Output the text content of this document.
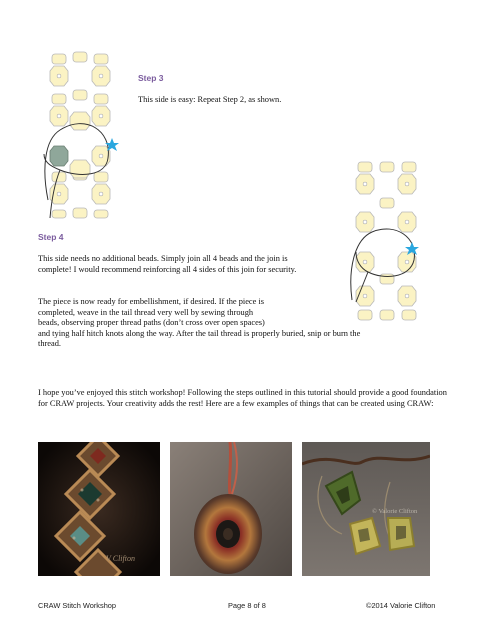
Step 3
This side is easy: Repeat Step 2, as shown.
Step 4
This side needs no additional beads. Simply join all 4 beads and the join is complete! I would recommend reinforcing all 4 sides of this join for security.
The piece is now ready for embellishment, if desired. If the piece is
completed, weave in the tail thread very well by sewing through
beads, observing proper thread paths (don’t cross over open spaces)
and tying half hitch knots along the way. After the tail thread is properly buried, snip or burn the
thread.
I hope you’ve enjoyed this stitch workshop! Following the steps outlined in this tutorial should provide a good foundation for CRAW projects. Your creativity adds the rest! Here are a few examples of things that can be created using CRAW:
V Clifton
© Valorie Clifton
CRAW Stitch Workshop	Page 8 of 8	©2014 Valorie Clifton
